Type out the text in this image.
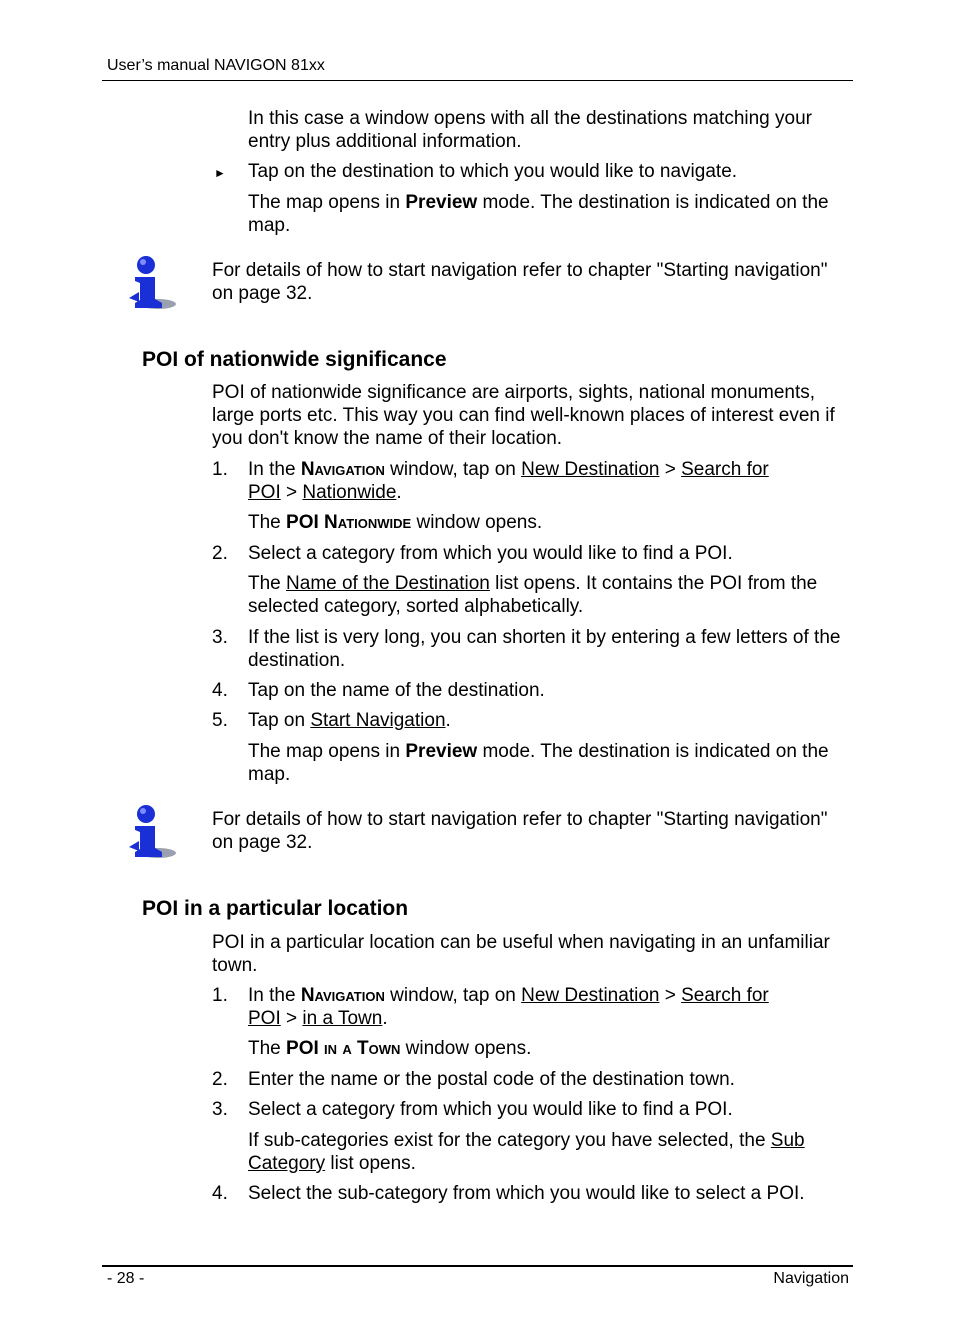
User’s manual NAVIGON 81xx
In this case a window opens with all the destinations matching your entry plus additional information.
► Tap on the destination to which you would like to navigate.
The map opens in Preview mode. The destination is indicated on the map.
For details of how to start navigation refer to chapter "Starting navigation" on page 32.
POI of nationwide significance
POI of nationwide significance are airports, sights, national monuments, large ports etc. This way you can find well-known places of interest even if you don't know the name of their location.
1. In the Navigation window, tap on New Destination > Search for
POI > Nationwide.
The POI Nationwide window opens.
2. Select a category from which you would like to find a POI.
The Name of the Destination list opens. It contains the POI from the selected category, sorted alphabetically.
3. If the list is very long, you can shorten it by entering a few letters of the destination.
4. Tap on the name of the destination.
5. Tap on Start Navigation.
The map opens in Preview mode. The destination is indicated on the map.
For details of how to start navigation refer to chapter "Starting navigation" on page 32.
POI in a particular location
POI in a particular location can be useful when navigating in an unfamiliar town.
1. In the Navigation window, tap on New Destination > Search for
POI > in a Town.
The POI in a Town window opens.
2. Enter the name or the postal code of the destination town.
3. Select a category from which you would like to find a POI.
If sub-categories exist for the category you have selected, the Sub
Category list opens.
4. Select the sub-category from which you would like to select a POI.
- 28 -	Navigation
